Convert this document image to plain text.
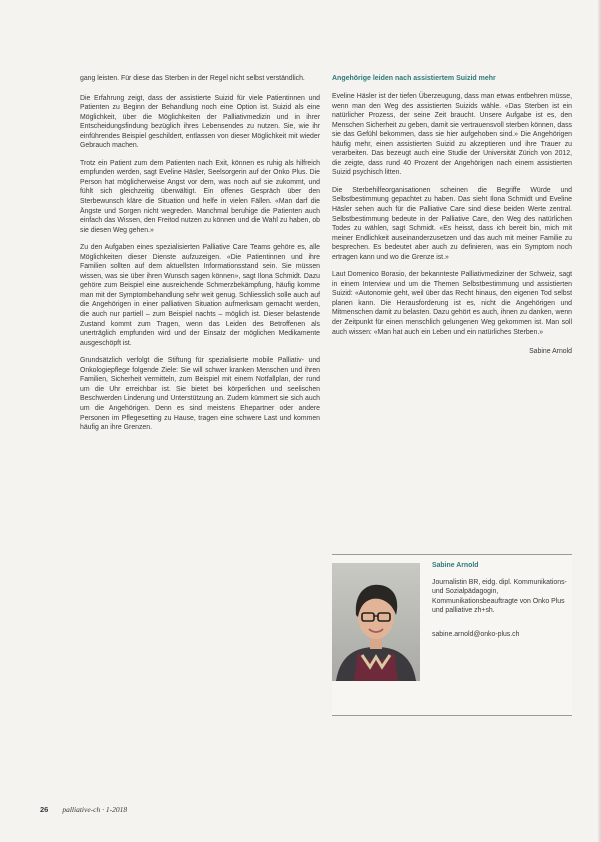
gang leisten. Für diese das Sterben in der Regel nicht selbst verständlich.

Die Erfahrung zeigt, dass der assistierte Suizid für viele Patientinnen und Patienten zu Beginn der Behandlung noch eine Option ist. Suizid als eine Möglichkeit, über die Möglichkeiten der Palliativmedizin und in ihrer Entscheidungsfindung bezüglich ihres Lebensendes zu nutzen. Sie, wie ihr einführendes Beispiel geschildert, entlassen von dieser Möglichkeit mit wieder Gebrauch machen.

Trotz ein Patient zum dem Patienten nach Exit, können es ruhig als hilfreich empfunden werden, sagt Eveline Häsler, Seelsorgerin auf der Onko Plus. Die Person hat möglicherweise Angst vor dem, was noch auf sie zukommt, und fühlt sich gleichzeitig überwältigt. Ein offenes Gespräch über den Sterbewunsch kläre die Situation und helfe in vielen Fällen. «Man darf die Ängste und Sorgen nicht wegreden. Manchmal beruhige die Patienten auch einfach das Wissen, den Freitod nutzen zu können und die Wahl zu haben, ob sie diesen Weg gehen.»

Zu den Aufgaben eines spezialisierten Palliative Care Teams gehöre es, alle Möglichkeiten dieser Dienste aufzuzeigen. «Die Patientinnen und ihre Familien sollten auf dem aktuellsten Informationsstand sein. Sie müssen wissen, was sie über ihren Wunsch sagen können», sagt Ilona Schmidt. Dazu gehöre zum Beispiel eine ausreichende Schmerzbekämpfung, häufig komme man mit der Symptombehandlung sehr weit genug. Schliesslich solle auch auf die Angehörigen in einer palliativen Situation aufmerksam gemacht werden, die auch nur partiell – zum Beispiel nachts – möglich ist. Dieser belastende Zustand kommt zum Tragen, wenn das Leiden des Betroffenen als unerträglich empfunden wird und der Einsatz der möglichen Medikamente ausgeschöpft ist.

Grundsätzlich verfolgt die Stiftung für spezialisierte mobile Palliativ- und Onkologiepflege folgende Ziele: Sie will schwer kranken Menschen und ihren Familien, Sicherheit vermitteln, zum Beispiel mit einem Notfallplan, der rund um die Uhr erreichbar ist. Sie bietet bei körperlichen und seelischen Beschwerden Linderung und Unterstützung an. Zudem kümmert sie sich auch um die Angehörigen. Denn es sind meistens Ehepartner oder andere Personen im Pflegesetting zu Hause, tragen eine schwere Last und kommen häufig an ihre Grenzen.

Angehörige leiden nach assistiertem Suizid mehr

Eveline Häsler ist der tiefen Überzeugung, dass man etwas entbehren müsse, wenn man den Weg des assistierten Suizids wähle. «Das Sterben ist ein natürlicher Prozess, der seine Zeit braucht. Unsere Aufgabe ist es, den Menschen Sicherheit zu geben, damit sie vertrauensvoll sterben können, dass sie das Gefühl bekommen, dass sie hier aufgehoben sind.» Die Angehörigen häufig mehr, einen assistierten Suizid zu akzeptieren und ihre Trauer zu verarbeiten. Das bezeugt auch eine Studie der Universität Zürich von 2012, die zeigte, dass rund 40 Prozent der Angehörigen nach einem assistierten Suizid psychisch litten.

Die Sterbehilfeorganisationen scheinen die Begriffe Würde und Selbstbestimmung gepachtet zu haben. Das sieht Ilona Schmidt und Eveline Häsler sehen auch für die Palliative Care sind diese beiden Werte zentral. Selbstbestimmung bedeute in der Palliative Care, den Weg des natürlichen Todes zu wählen, sagt Schmidt. «Es heisst, dass ich bereit bin, mich mit meiner Endlichkeit auseinanderzusetzen und das auch mit meiner Familie zu besprechen. Es bedeutet aber auch zu definieren, was ein Symptom noch ertragen kann und wo die Grenze ist.»

Laut Domenico Borasio, der bekannteste Palliativmediziner der Schweiz, sagt in einem Interview und um die Themen Selbstbestimmung und assistierten Suizid: «Autonomie geht, weil über das Recht hinaus, den eigenen Tod selbst planen kann. Die Herausforderung ist es, nicht die Angehörigen und Mitmenschen damit zu belasten. Dazu gehört es auch, ihnen zu danken, wenn der Zeitpunkt für einen menschlich gelungenen Weg gekommen ist. Man soll auch wissen: «Man hat auch ein Leben und ein natürliches Sterben.»

Sabine Arnold
Sabine Arnold
Journalistin BR, eidg. dipl. Kommunikations- und Sozialpädagogin, Kommunikationsbeauftragte von Onko Plus und palliative zh+sh.
sabine.arnold@onko-plus.ch
26 palliative-ch · 1-2018
